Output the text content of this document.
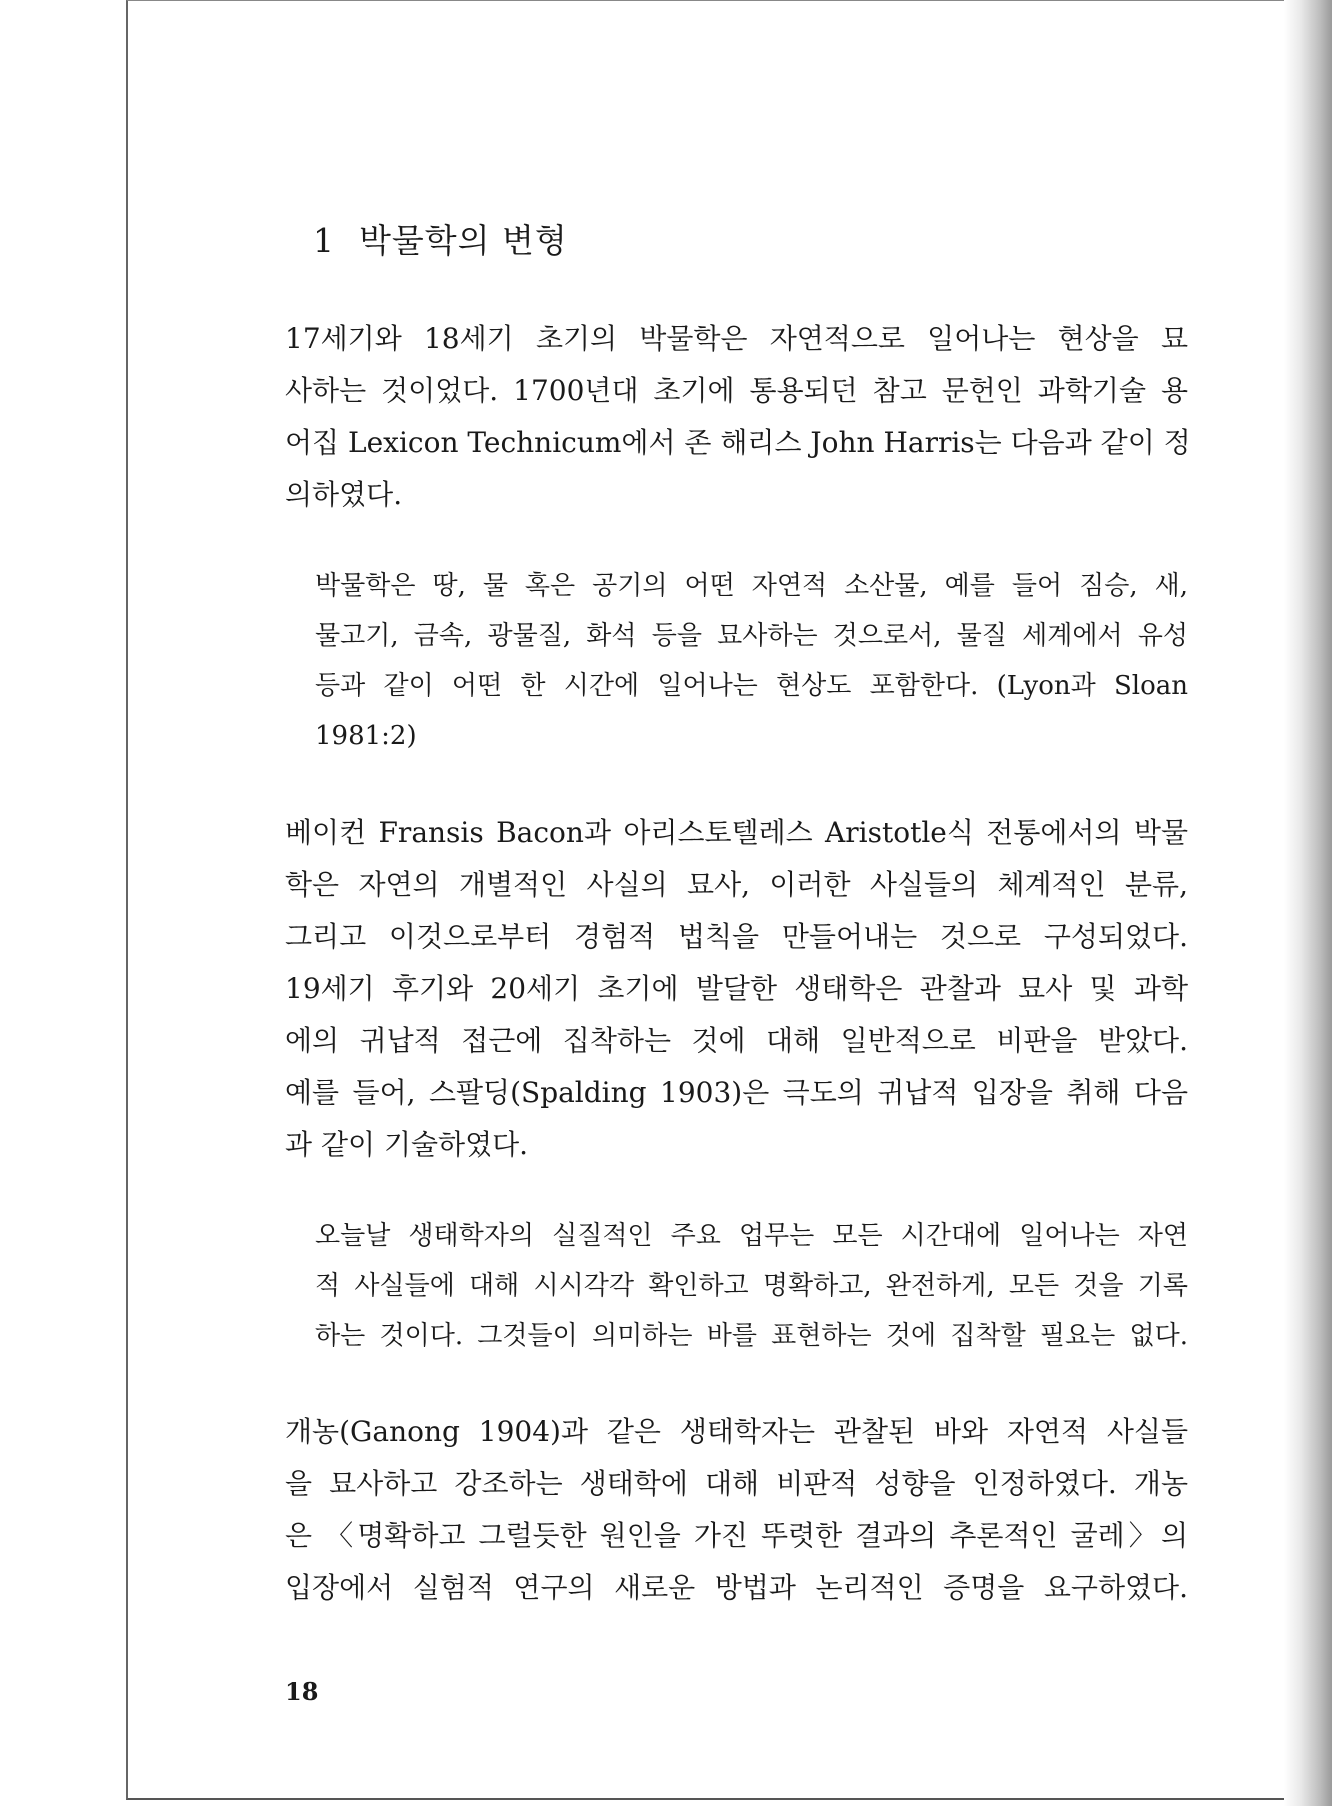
1 박물학의 변형

17세기와 18세기 초기의 박물학은 자연적으로 일어나는 현상을 묘
사하는 것이었다. 1700년대 초기에 통용되던 참고 문헌인 과학기술 용
어집 Lexicon Technicum에서 존 해리스 John Harris는 다음과 같이 정
의하였다.

박물학은 땅, 물 혹은 공기의 어떤 자연적 소산물, 예를 들어 짐승, 새,
물고기, 금속, 광물질, 화석 등을 묘사하는 것으로서, 물질 세계에서 유성
등과 같이 어떤 한 시간에 일어나는 현상도 포함한다. (Lyon과 Sloan
1981:2)

베이컨 Fransis Bacon과 아리스토텔레스 Aristotle식 전통에서의 박물
학은 자연의 개별적인 사실의 묘사, 이러한 사실들의 체계적인 분류,
그리고 이것으로부터 경험적 법칙을 만들어내는 것으로 구성되었다.
19세기 후기와 20세기 초기에 발달한 생태학은 관찰과 묘사 및 과학
에의 귀납적 접근에 집착하는 것에 대해 일반적으로 비판을 받았다.
예를 들어, 스팔딩(Spalding 1903)은 극도의 귀납적 입장을 취해 다음
과 같이 기술하였다.

오늘날 생태학자의 실질적인 주요 업무는 모든 시간대에 일어나는 자연
적 사실들에 대해 시시각각 확인하고 명확하고, 완전하게, 모든 것을 기록
하는 것이다. 그것들이 의미하는 바를 표현하는 것에 집착할 필요는 없다.

개농(Ganong 1904)과 같은 생태학자는 관찰된 바와 자연적 사실들
을 묘사하고 강조하는 생태학에 대해 비판적 성향을 인정하였다. 개농
은 〈명확하고 그럴듯한 원인을 가진 뚜렷한 결과의 추론적인 굴레〉의
입장에서 실험적 연구의 새로운 방법과 논리적인 증명을 요구하였다.

18
